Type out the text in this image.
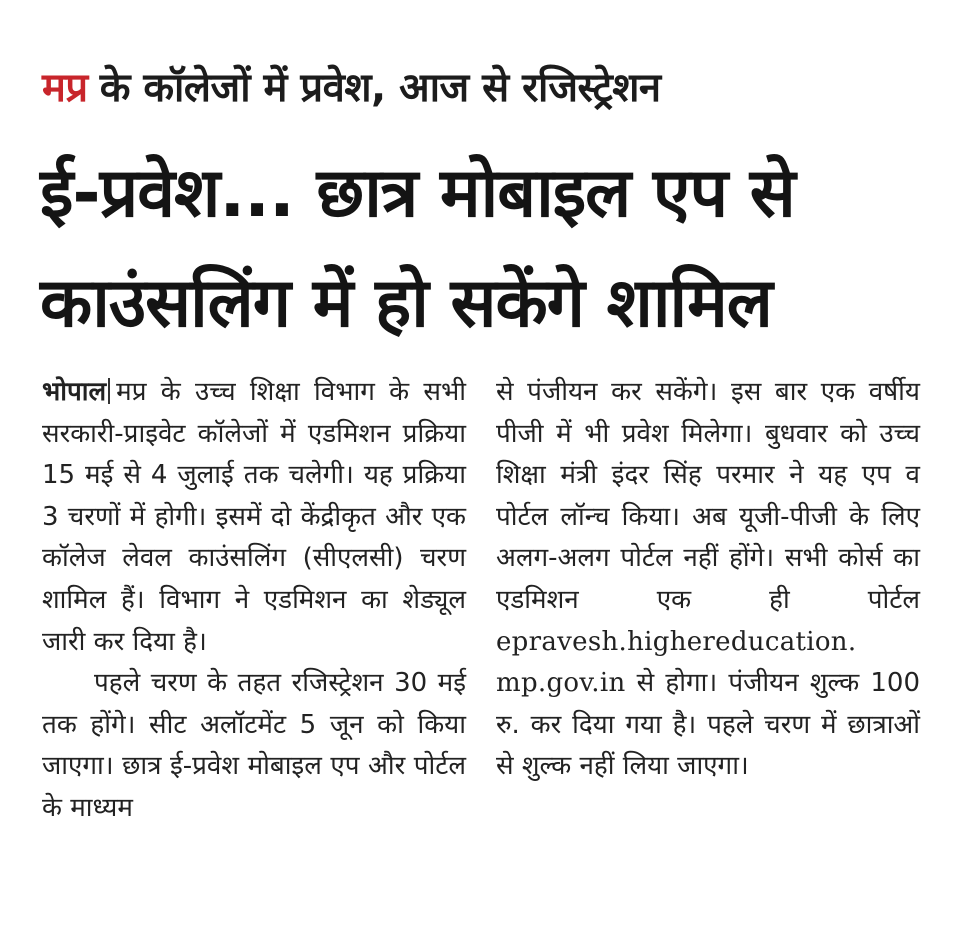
मप्र के कॉलेजों में प्रवेश, आज से रजिस्ट्रेशन
ई-प्रवेश... छात्र मोबाइल एप से
काउंसलिंग में हो सकेंगे शामिल

भोपाल मप्र के उच्च शिक्षा विभाग के सभी सरकारी-प्राइवेट कॉलेजों में एडमिशन प्रक्रिया 15 मई से 4 जुलाई तक चलेगी। यह प्रक्रिया 3 चरणों में होगी। इसमें दो केंद्रीकृत और एक कॉलेज लेवल काउंसलिंग (सीएलसी) चरण शामिल हैं। विभाग ने एडमिशन का शेड्यूल जारी कर दिया है।

पहले चरण के तहत रजिस्ट्रेशन 30 मई तक होंगे। सीट अलॉटमेंट 5 जून को किया जाएगा। छात्र ई-प्रवेश मोबाइल एप और पोर्टल के माध्यम

से पंजीयन कर सकेंगे। इस बार एक वर्षीय पीजी में भी प्रवेश मिलेगा। बुधवार को उच्च शिक्षा मंत्री इंदर सिंह परमार ने यह एप व पोर्टल लॉन्च किया। अब यूजी-पीजी के लिए अलग-अलग पोर्टल नहीं होंगे। सभी कोर्स का एडमिशन एक ही पोर्टल epravesh.highereducation. mp.gov.in से होगा। पंजीयन शुल्क 100 रु. कर दिया गया है। पहले चरण में छात्राओं से शुल्क नहीं लिया जाएगा।
